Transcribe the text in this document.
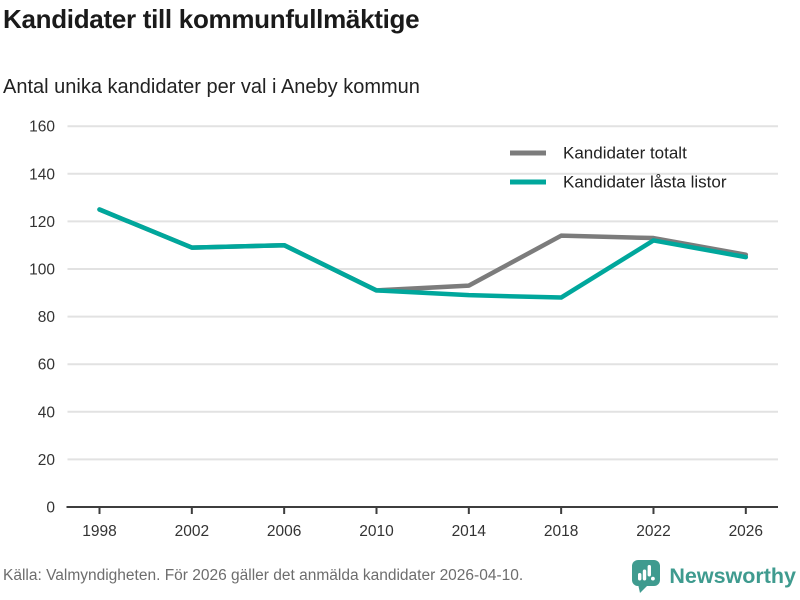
Kandidater till kommunfullmäktige
Antal unika kandidater per val i Aneby kommun
0
20
40
60
80
100
120
140
160
1998	2002	2006	2010	2014	2018	2022	2026
Kandidater totalt
Kandidater låsta listor
Källa: Valmyndigheten. För 2026 gäller det anmälda kandidater 2026-04-10.	Newsworthy
